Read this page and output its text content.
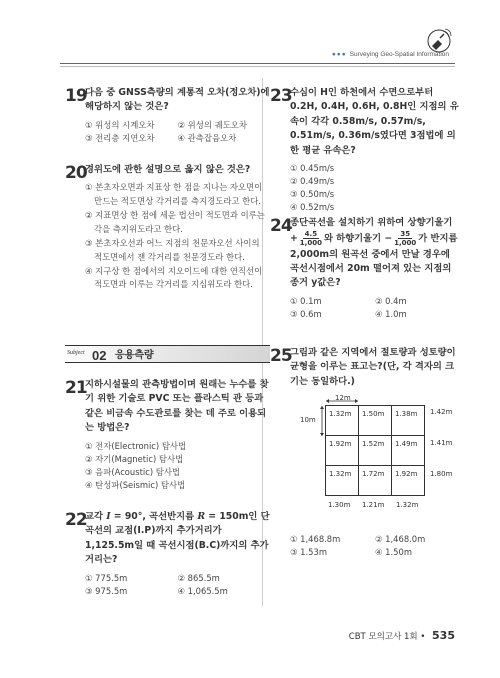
●●● Surveying Geo-Spatial Information
19
다음 중 GNSS측량의 계통적 오차(정오차)에 해당하지 않는 것은?
① 위성의 시계오차	② 위성의 궤도오차
③ 전리층 지연오차	④ 관측잡음오차
20
경위도에 관한 설명으로 옳지 않은 것은?
① 본초자오면과 지표상 한 점을 지나는 자오면이 만드는 적도면상 각거리를 측지경도라고 한다.
② 지표면상 한 점에 세운 법선이 적도면과 이루는 각을 측지위도라고 한다.
③ 본초자오선과 어느 지점의 천문자오선 사이의 적도면에서 잰 각거리를 천문경도라 한다.
④ 지구상 한 점에서의 지오이드에 대한 연직선이 적도면과 이루는 각거리를 지심위도라 한다.
Subject 02 응용측량
21
지하시설물의 관측방법이며 원래는 누수를 찾기 위한 기술로 PVC 또는 플라스틱 관 등과 같은 비금속 수도관로를 찾는 데 주로 이용되는 방법은?
① 전자(Electronic) 탐사법
② 자기(Magnetic) 탐사법
③ 음파(Acoustic) 탐사법
④ 탄성파(Seismic) 탐사법
22
교각 I = 90°, 곡선반지름 R = 150m인 단곡선의 교점(I.P)까지 추가거리가 1,125.5m일 때 곡선시점(B.C)까지의 추가거리는?
① 775.5m	② 865.5m
③ 975.5m	④ 1,065.5m
23
수심이 H인 하천에서 수면으로부터 0.2H, 0.4H, 0.6H, 0.8H인 지점의 유속이 각각 0.58m/s, 0.57m/s, 0.51m/s, 0.36m/s였다면 3점법에 의한 평균 유속은?
① 0.45m/s
② 0.49m/s
③ 0.50m/s
④ 0.52m/s
24
종단곡선을 설치하기 위하여 상향기울기 + $\frac{4.5}{1,000}$ 와 하향기울기 − $\frac{35}{1,000}$ 가 반지름 2,000m의 원곡선 중에서 만날 경우에 곡선시점에서 20m 떨어져 있는 지점의 종거 y값은?
① 0.1m	② 0.4m
③ 0.6m	④ 1.0m
25
그림과 같은 지역에서 절토량과 성토량이 균형을 이루는 표고는?(단, 각 격자의 크기는 동일하다.)
12m
10m
1.32m	1.50m	1.38m
1.92m	1.52m	1.49m
1.32m	1.72m	1.92m
1.42m
1.41m
1.80m
1.30m 1.21m 1.32m
① 1,468.8m	② 1,468.0m
③ 1.53m	④ 1.50m
CBT 모의고사 1회 • 535
